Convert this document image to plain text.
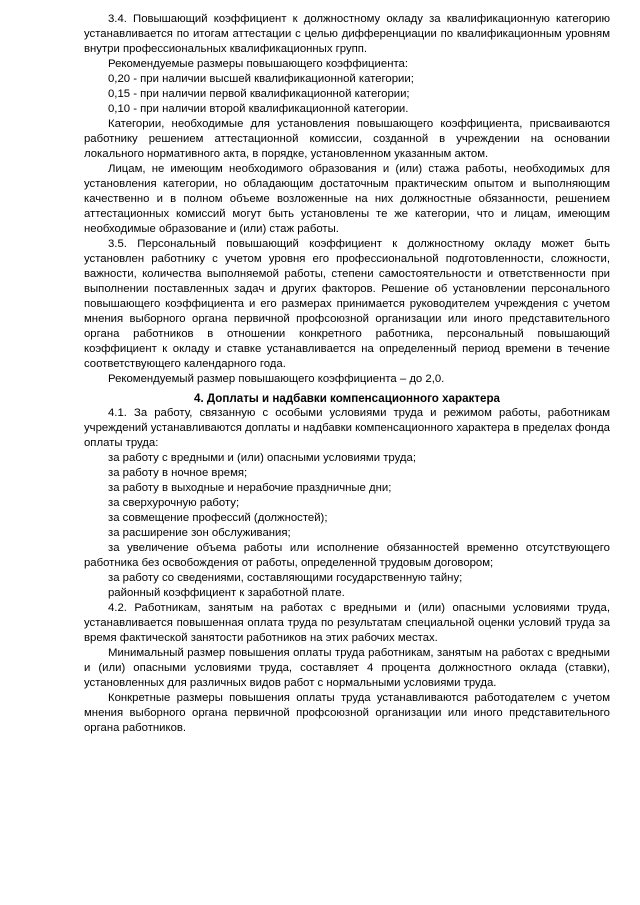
3.4. Повышающий коэффициент к должностному окладу за квалификационную категорию устанавливается по итогам аттестации с целью дифференциации по квалификационным уровням внутри профессиональных квалификационных групп.

Рекомендуемые размеры повышающего коэффициента:

0,20 - при наличии высшей квалификационной категории;

0,15 - при наличии первой квалификационной категории;

0,10 - при наличии второй квалификационной категории.

Категории, необходимые для установления повышающего коэффициента, присваиваются работнику решением аттестационной комиссии, созданной в учреждении на основании локального нормативного акта, в порядке, установленном указанным актом.

Лицам, не имеющим необходимого образования и (или) стажа работы, необходимых для установления категории, но обладающим достаточным практическим опытом и выполняющим качественно и в полном объеме возложенные на них должностные обязанности, решением аттестационных комиссий могут быть установлены те же категории, что и лицам, имеющим необходимые образование и (или) стаж работы.

3.5. Персональный повышающий коэффициент к должностному окладу может быть установлен работнику с учетом уровня его профессиональной подготовленности, сложности, важности, количества выполняемой работы, степени самостоятельности и ответственности при выполнении поставленных задач и других факторов. Решение об установлении персонального повышающего коэффициента и его размерах принимается руководителем учреждения с учетом мнения выборного органа первичной профсоюзной организации или иного представительного органа работников в отношении конкретного работника, персональный повышающий коэффициент к окладу и ставке устанавливается на определенный период времени в течение соответствующего календарного года.

Рекомендуемый размер повышающего коэффициента – до 2,0.

4. Доплаты и надбавки компенсационного характера

4.1. За работу, связанную с особыми условиями труда и режимом работы, работникам учреждений устанавливаются доплаты и надбавки компенсационного характера в пределах фонда оплаты труда:

за работу с вредными и (или) опасными условиями труда;

за работу в ночное время;

за работу в выходные и нерабочие праздничные дни;

за сверхурочную работу;

за совмещение профессий (должностей);

за расширение зон обслуживания;

за увеличение объема работы или исполнение обязанностей временно отсутствующего работника без освобождения от работы, определенной трудовым договором;

за работу со сведениями, составляющими государственную тайну;

районный коэффициент к заработной плате.

4.2. Работникам, занятым на работах с вредными и (или) опасными условиями труда, устанавливается повышенная оплата труда по результатам специальной оценки условий труда за время фактической занятости работников на этих рабочих местах.

Минимальный размер повышения оплаты труда работникам, занятым на работах с вредными и (или) опасными условиями труда, составляет 4 процента должностного оклада (ставки), установленных для различных видов работ с нормальными условиями труда.

Конкретные размеры повышения оплаты труда устанавливаются работодателем с учетом мнения выборного органа первичной профсоюзной организации или иного представительного органа работников.
